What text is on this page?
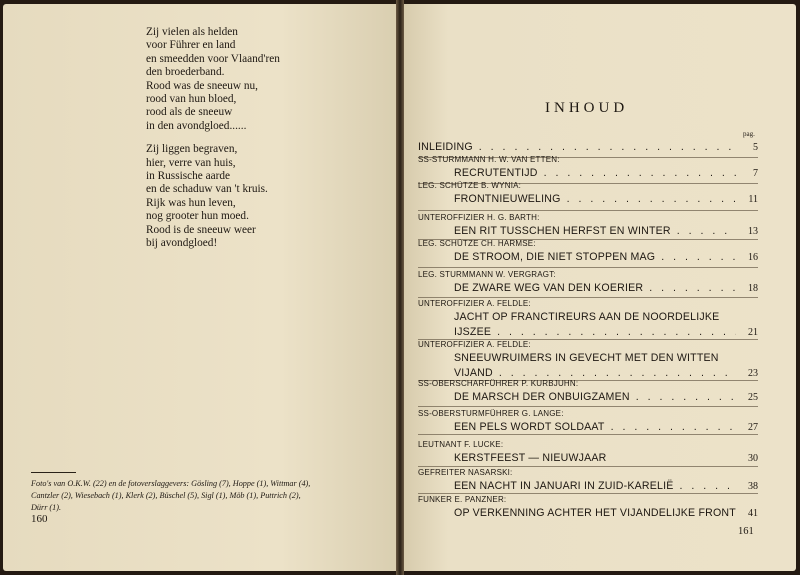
Zij vielen als helden
voor Führer en land
en smeedden voor Vlaand'ren
den broederband.
Rood was de sneeuw nu,
rood van hun bloed,
rood als de sneeuw
in den avondgloed......
Zij liggen begraven,
hier, verre van huis,
in Russische aarde
en de schaduw van 't kruis.
Rijk was hun leven,
nog grooter hun moed.
Rood is de sneeuw weer
bij avondgloed!
Foto's van O.K.W. (22) en de fotoverslaggevers: Gösling (7), Hoppe (1), Wittmar (4),
Cantzler (2), Wiesebach (1), Klerk (2), Büschel (5), Sigl (1), Möb (1), Puttrich (2),
Dürr (1).
160
INHOUD
pag.
INLEIDING . . .	5
SS-STURMMANN H. W. VAN ETTEN:
RECRUTENTIJD . . .	7
LEG. SCHÜTZE B. WYNIA:
FRONTNIEUWELING . . .	11
UNTEROFFIZIER H. G. BARTH:
EEN RIT TUSSCHEN HERFST EN WINTER . . .	13
LEG. SCHÜTZE CH. HARMSE:
DE STROOM, DIE NIET STOPPEN MAG . . .	16
LEG. STURMMANN W. VERGRAGT:
DE ZWARE WEG VAN DEN KOERIER . . .	18
UNTEROFFIZIER A. FELDLE:
JACHT OP FRANCTIREURS AAN DE NOORDELIJKE
IJSZEE . . .	21
UNTEROFFIZIER A. FELDLE:
SNEEUWRUIMERS IN GEVECHT MET DEN WITTEN
VIJAND . . .	23
SS-OBERSCHARFÜHRER P. KURBJUHN:
DE MARSCH DER ONBUIGZAMEN . . .	25
SS-OBERSTURMFÜHRER G. LANGE:
EEN PELS WORDT SOLDAAT . . .	27
LEUTNANT F. LUCKE:
KERSTFEEST — NIEUWJAAR	30
GEFREITER NASARSKI:
EEN NACHT IN JANUARI IN ZUID-KARELIË . . .	38
FUNKER E. PANZNER:
OP VERKENNING ACHTER HET VIJANDELIJKE FRONT 41
161
